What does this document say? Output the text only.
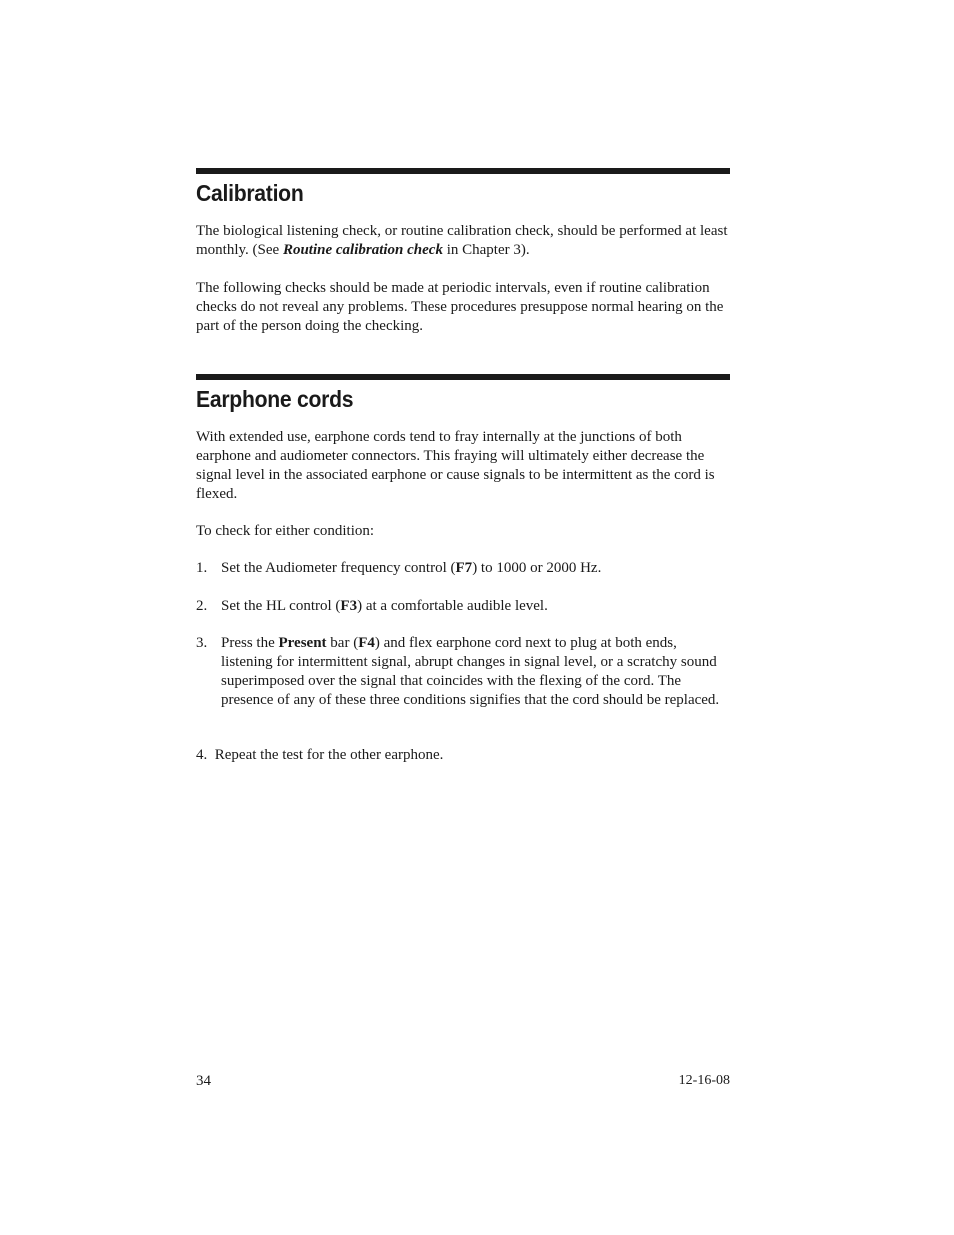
Calibration

The biological listening check, or routine calibration check, should be performed at least monthly. (See Routine calibration check in Chapter 3).

The following checks should be made at periodic intervals, even if routine calibration checks do not reveal any problems. These procedures presuppose normal hearing on the part of the person doing the checking.

Earphone cords

With extended use, earphone cords tend to fray internally at the junctions of both earphone and audiometer connectors. This fraying will ultimately either decrease the signal level in the associated earphone or cause signals to be intermittent as the cord is flexed.

To check for either condition:

1. Set the Audiometer frequency control (F7) to 1000 or 2000 Hz.
2. Set the HL control (F3) at a comfortable audible level.
3. Press the Present bar (F4) and flex earphone cord next to plug at both ends, listening for intermittent signal, abrupt changes in signal level, or a scratchy sound superimposed over the signal that coincides with the flexing of the cord. The presence of any of these three conditions signifies that the cord should be replaced.
4. Repeat the test for the other earphone.
34	12-16-08
